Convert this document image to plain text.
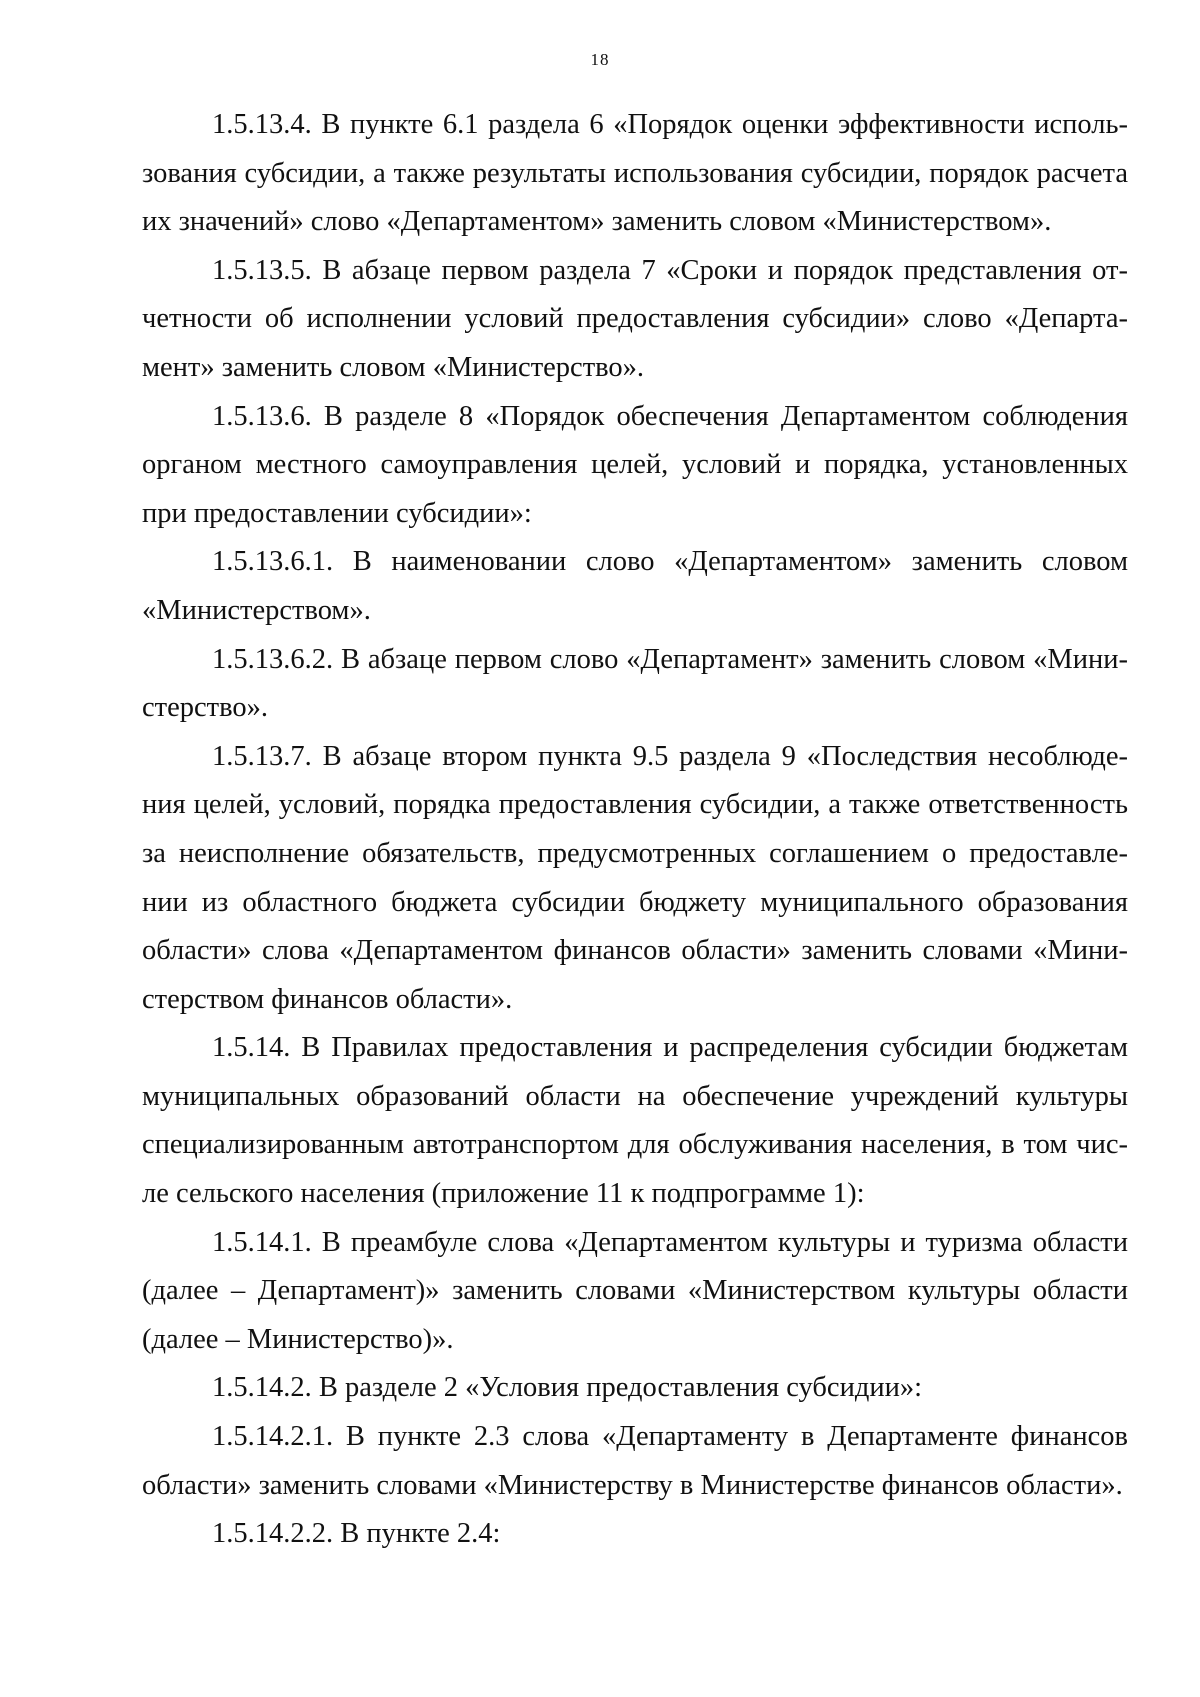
18

1.5.13.4. В пункте 6.1 раздела 6 «Порядок оценки эффективности использования субсидии, а также результаты использования субсидии, порядок расчета их значений» слово «Департаментом» заменить словом «Министерством».

1.5.13.5. В абзаце первом раздела 7 «Сроки и порядок представления отчетности об исполнении условий предоставления субсидии» слово «Департамент» заменить словом «Министерство».

1.5.13.6. В разделе 8 «Порядок обеспечения Департаментом соблюдения органом местного самоуправления целей, условий и порядка, установленных при предоставлении субсидии»:

1.5.13.6.1. В наименовании слово «Департаментом» заменить словом «Министерством».

1.5.13.6.2. В абзаце первом слово «Департамент» заменить словом «Министерство».

1.5.13.7. В абзаце втором пункта 9.5 раздела 9 «Последствия несоблюдения целей, условий, порядка предоставления субсидии, а также ответственность за неисполнение обязательств, предусмотренных соглашением о предоставлении из областного бюджета субсидии бюджету муниципального образования области» слова «Департаментом финансов области» заменить словами «Министерством финансов области».

1.5.14. В Правилах предоставления и распределения субсидии бюджетам муниципальных образований области на обеспечение учреждений культуры специализированным автотранспортом для обслуживания населения, в том числе сельского населения (приложение 11 к подпрограмме 1):

1.5.14.1. В преамбуле слова «Департаментом культуры и туризма области (далее – Департамент)» заменить словами «Министерством культуры области (далее – Министерство)».

1.5.14.2. В разделе 2 «Условия предоставления субсидии»:

1.5.14.2.1. В пункте 2.3 слова «Департаменту в Департаменте финансов области» заменить словами «Министерству в Министерстве финансов области».

1.5.14.2.2. В пункте 2.4:
